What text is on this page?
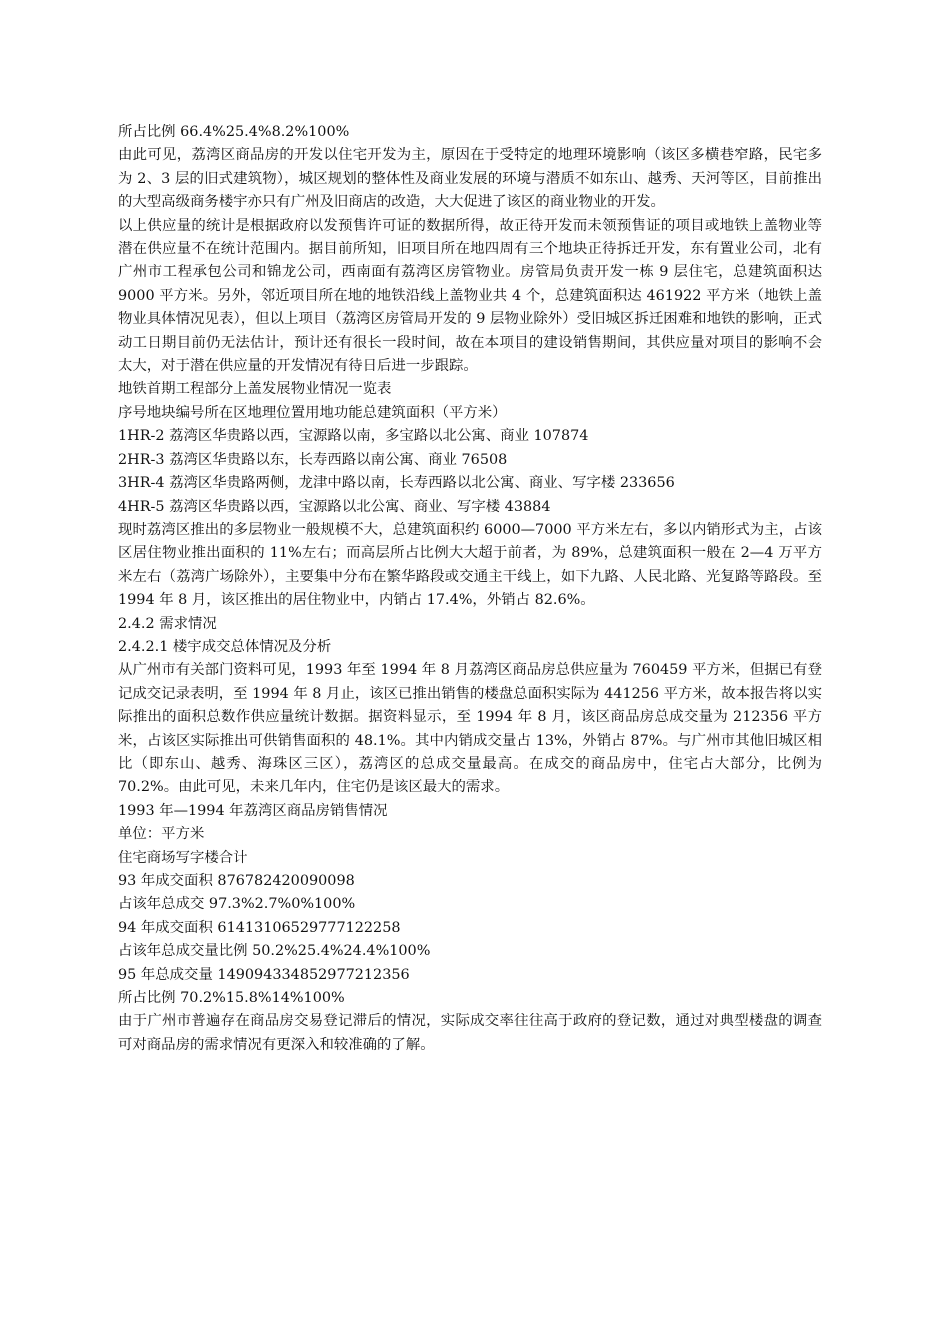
所占比例 66.4%25.4%8.2%100%

由此可见，荔湾区商品房的开发以住宅开发为主，原因在于受特定的地理环境影响（该区多横巷窄路，民宅多为 2、3 层的旧式建筑物），城区规划的整体性及商业发展的环境与潜质不如东山、越秀、天河等区，目前推出的大型高级商务楼宇亦只有广州及旧商店的改造，大大促进了该区的商业物业的开发。

以上供应量的统计是根据政府以发预售许可证的数据所得，故正待开发而未领预售证的项目或地铁上盖物业等潜在供应量不在统计范围内。据目前所知，旧项目所在地四周有三个地块正待拆迁开发，东有置业公司，北有广州市工程承包公司和锦龙公司，西南面有荔湾区房管物业。房管局负责开发一栋 9 层住宅，总建筑面积达 9000 平方米。另外，邻近项目所在地的地铁沿线上盖物业共 4 个，总建筑面积达 461922 平方米（地铁上盖物业具体情况见表），但以上项目（荔湾区房管局开发的 9 层物业除外）受旧城区拆迁困难和地铁的影响，正式动工日期目前仍无法估计，预计还有很长一段时间，故在本项目的建设销售期间，其供应量对项目的影响不会太大，对于潜在供应量的开发情况有待日后进一步跟踪。

地铁首期工程部分上盖发展物业情况一览表

序号地块编号所在区地理位置用地功能总建筑面积（平方米）

1HR-2 荔湾区华贵路以西，宝源路以南，多宝路以北公寓、商业 107874

2HR-3 荔湾区华贵路以东，长寿西路以南公寓、商业 76508

3HR-4 荔湾区华贵路两侧，龙津中路以南，长寿西路以北公寓、商业、写字楼 233656

4HR-5 荔湾区华贵路以西，宝源路以北公寓、商业、写字楼 43884

现时荔湾区推出的多层物业一般规模不大，总建筑面积约 6000—7000 平方米左右，多以内销形式为主，占该区居住物业推出面积的 11%左右；而高层所占比例大大超于前者，为 89%，总建筑面积一般在 2—4 万平方米左右（荔湾广场除外），主要集中分布在繁华路段或交通主干线上，如下九路、人民北路、光复路等路段。至 1994 年 8 月，该区推出的居住物业中，内销占 17.4%，外销占 82.6%。

2.4.2 需求情况

2.4.2.1 楼宇成交总体情况及分析

从广州市有关部门资料可见，1993 年至 1994 年 8 月荔湾区商品房总供应量为 760459 平方米，但据已有登记成交记录表明，至 1994 年 8 月止，该区已推出销售的楼盘总面积实际为 441256 平方米，故本报告将以实际推出的面积总数作供应量统计数据。据资料显示，至 1994 年 8 月，该区商品房总成交量为 212356 平方米，占该区实际推出可供销售面积的 48.1%。其中内销成交量占 13%，外销占 87%。与广州市其他旧城区相比（即东山、越秀、海珠区三区），荔湾区的总成交量最高。在成交的商品房中，住宅占大部分，比例为 70.2%。由此可见，未来几年内，住宅仍是该区最大的需求。

1993 年—1994 年荔湾区商品房销售情况

单位：平方米

住宅商场写字楼合计

93 年成交面积 876782420090098

占该年总成交 97.3%2.7%0%100%

94 年成交面积 61413106529777122258

占该年总成交量比例 50.2%25.4%24.4%100%

95 年总成交量 149094334852977212356

所占比例 70.2%15.8%14%100%

由于广州市普遍存在商品房交易登记滞后的情况，实际成交率往往高于政府的登记数，通过对典型楼盘的调查可对商品房的需求情况有更深入和较准确的了解。
